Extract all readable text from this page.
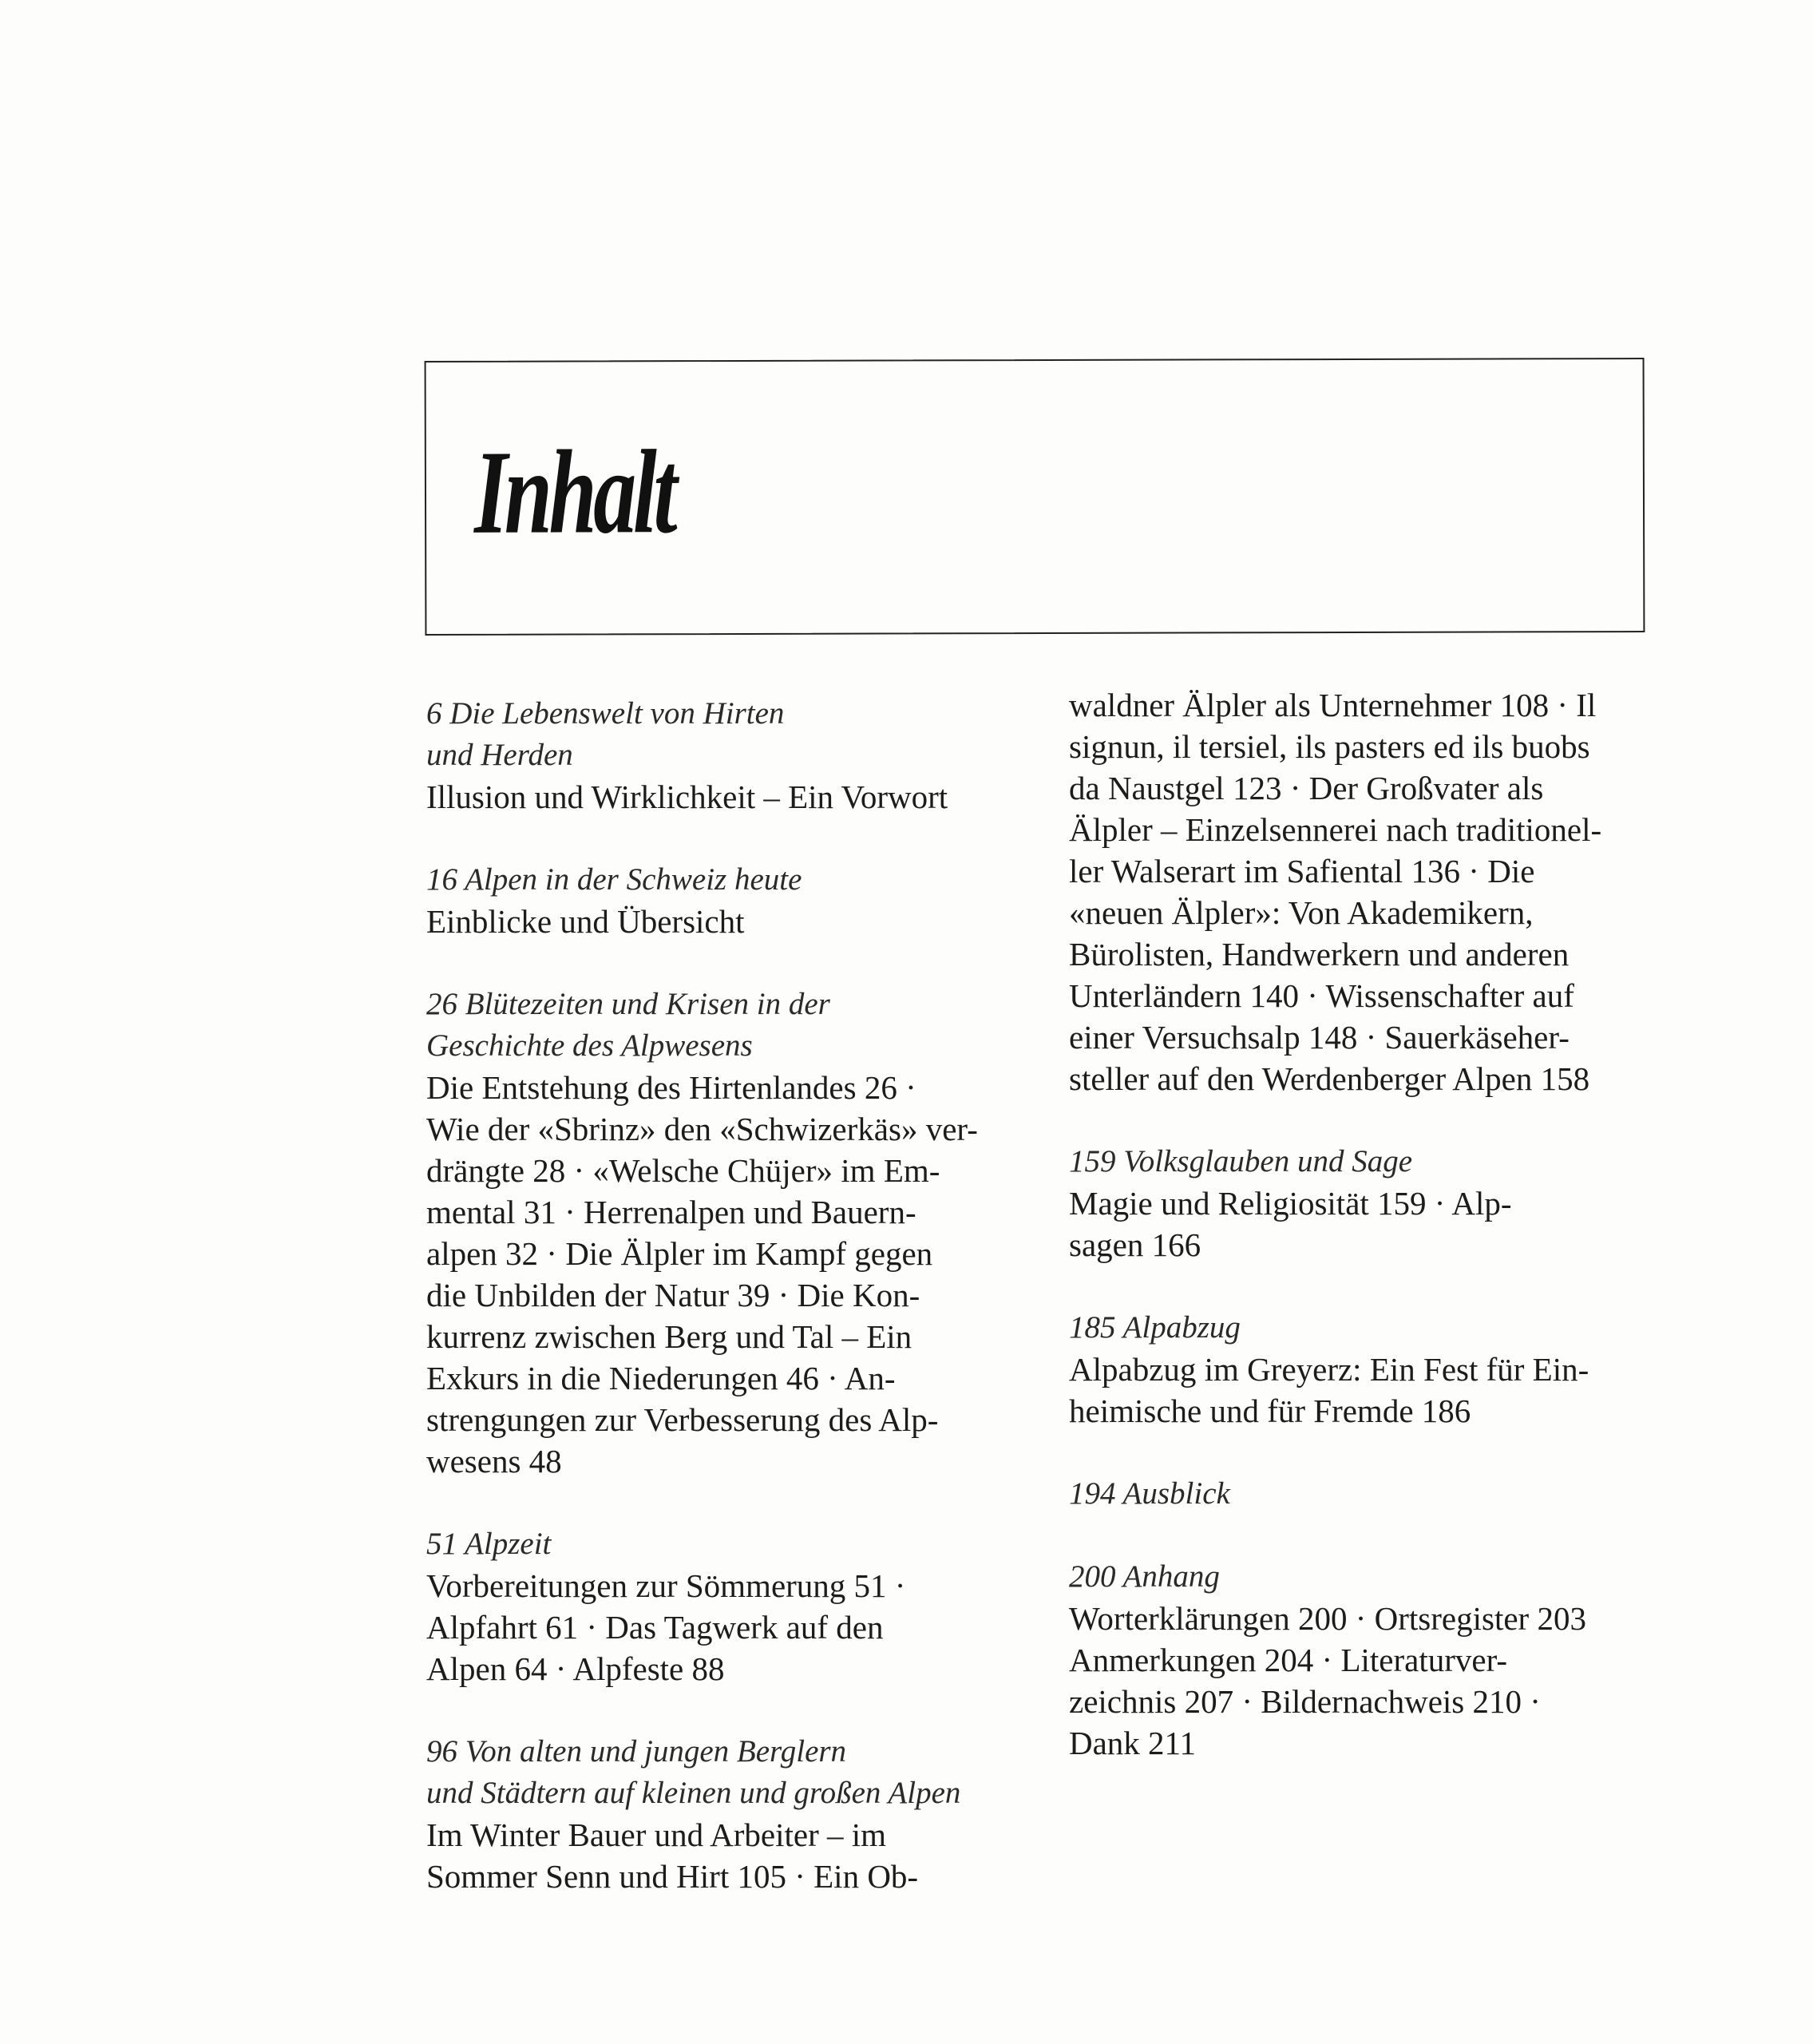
Inhalt
6 Die Lebenswelt von Hirten
und Herden
Illusion und Wirklichkeit – Ein Vorwort
16 Alpen in der Schweiz heute
Einblicke und Übersicht
26 Blütezeiten und Krisen in der
Geschichte des Alpwesens
Die Entstehung des Hirtenlandes 26 ·
Wie der «Sbrinz» den «Schwizerkäs» ver-
drängte 28 · «Welsche Chüjer» im Em-
mental 31 · Herrenalpen und Bauern-
alpen 32 · Die Älpler im Kampf gegen
die Unbilden der Natur 39 · Die Kon-
kurrenz zwischen Berg und Tal – Ein
Exkurs in die Niederungen 46 · An-
strengungen zur Verbesserung des Alp-
wesens 48
51 Alpzeit
Vorbereitungen zur Sömmerung 51 ·
Alpfahrt 61 · Das Tagwerk auf den
Alpen 64 · Alpfeste 88
96 Von alten und jungen Berglern
und Städtern auf kleinen und großen Alpen
Im Winter Bauer und Arbeiter – im
Sommer Senn und Hirt 105 · Ein Ob-
waldner Älpler als Unternehmer 108 · Il
signun, il tersiel, ils pasters ed ils buobs
da Naustgel 123 · Der Großvater als
Älpler – Einzelsennerei nach traditionel-
ler Walserart im Safiental 136 · Die
«neuen Älpler»: Von Akademikern,
Bürolisten, Handwerkern und anderen
Unterländern 140 · Wissenschafter auf
einer Versuchsalp 148 · Sauerkäseher-
steller auf den Werdenberger Alpen 158
159 Volksglauben und Sage
Magie und Religiosität 159 · Alp-
sagen 166
185 Alpabzug
Alpabzug im Greyerz: Ein Fest für Ein-
heimische und für Fremde 186
194 Ausblick
200 Anhang
Worterklärungen 200 · Ortsregister 203
Anmerkungen 204 · Literaturver-
zeichnis 207 · Bildernachweis 210 ·
Dank 211
